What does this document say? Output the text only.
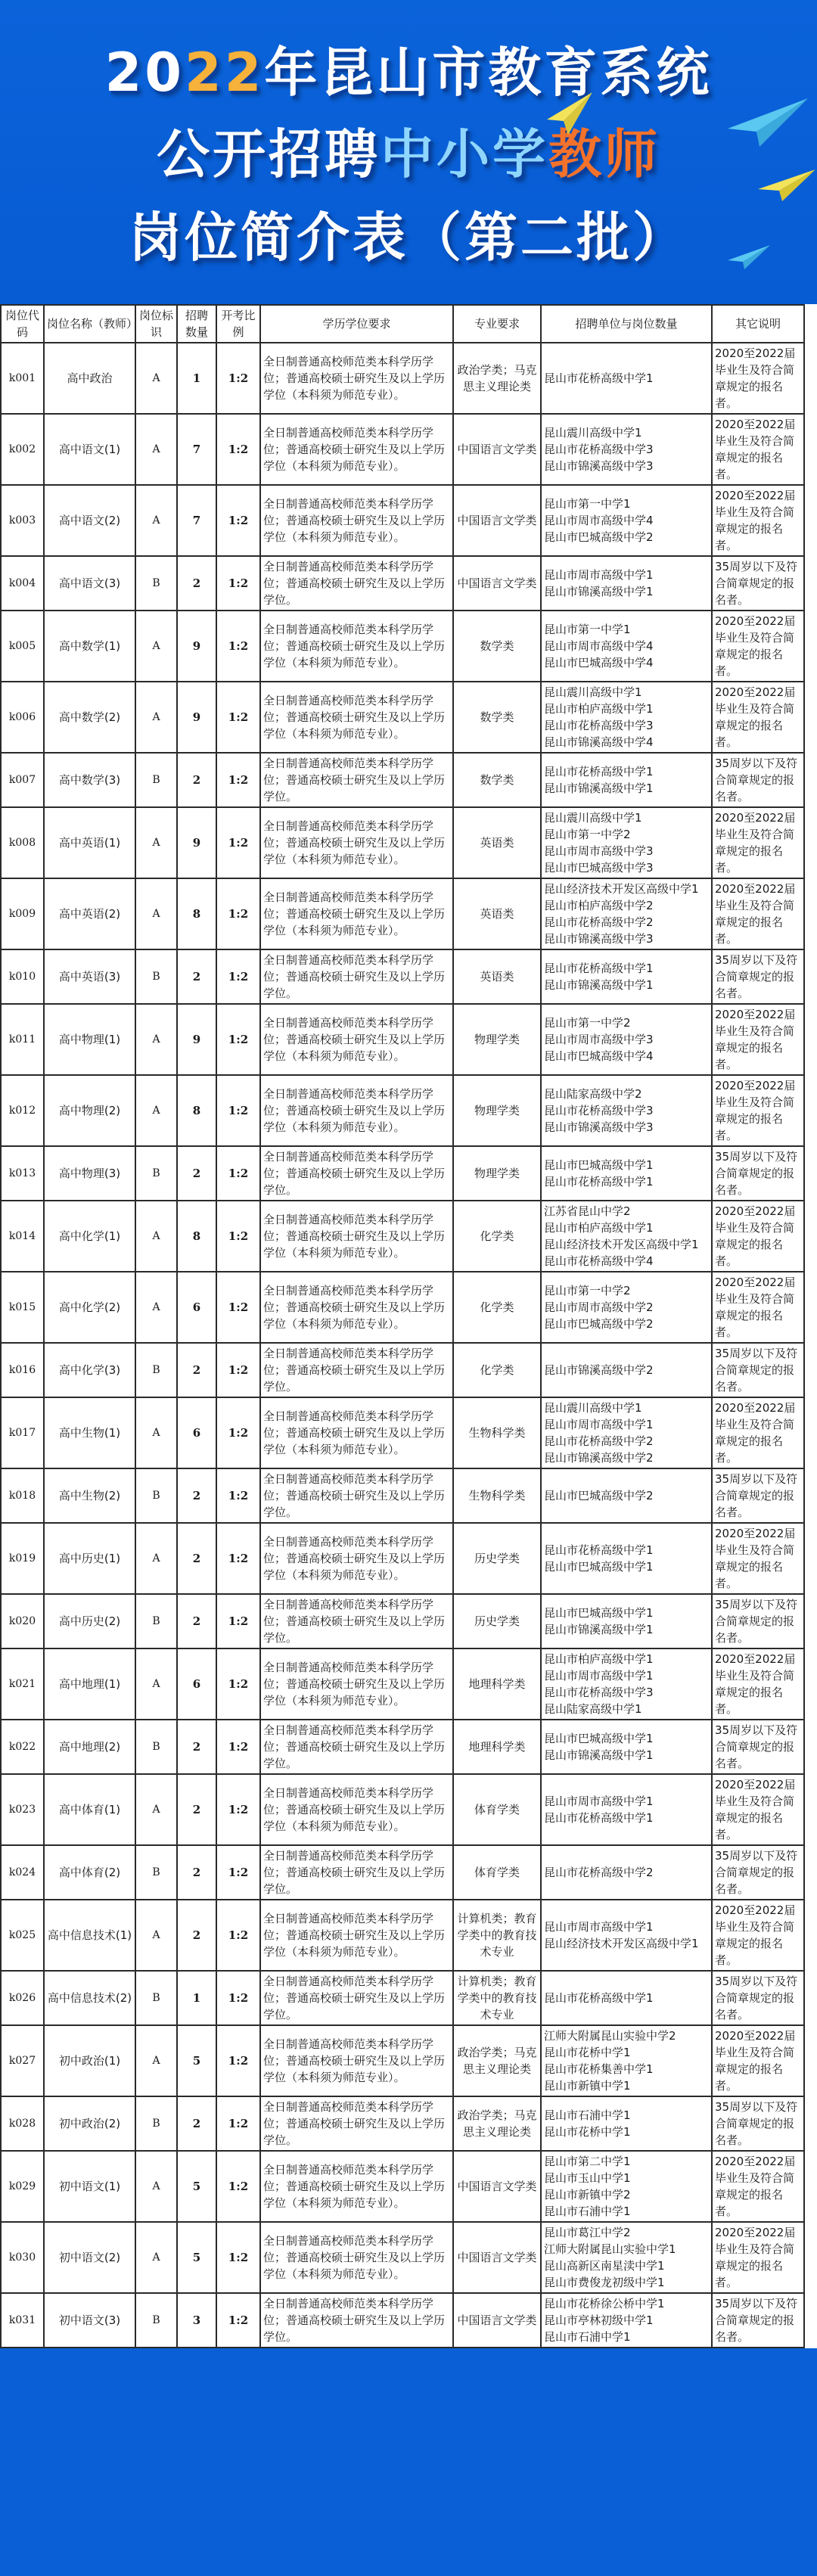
2022年昆山市教育系统
公开招聘中小学教师
岗位简介表（第二批）
岗位代码	岗位名称（教师）	岗位标识	招聘数量	开考比例	学历学位要求	专业要求	招聘单位与岗位数量	其它说明
k001	高中政治	A	1	1:2	全日制普通高校师范类本科学历学位；普通高校硕士研究生及以上学历学位（本科须为师范专业）。	政治学类；马克思主义理论类	昆山市花桥高级中学1	2020至2022届毕业生及符合简章规定的报名者。
k002	高中语文(1)	A	7	1:2	全日制普通高校师范类本科学历学位；普通高校硕士研究生及以上学历学位（本科须为师范专业）。	中国语言文学类	昆山震川高级中学1
昆山市花桥高级中学3
昆山市锦溪高级中学3	2020至2022届毕业生及符合简章规定的报名者。
k003	高中语文(2)	A	7	1:2	全日制普通高校师范类本科学历学位；普通高校硕士研究生及以上学历学位（本科须为师范专业）。	中国语言文学类	昆山市第一中学1
昆山市周市高级中学4
昆山市巴城高级中学2	2020至2022届毕业生及符合简章规定的报名者。
k004	高中语文(3)	B	2	1:2	全日制普通高校师范类本科学历学位；普通高校硕士研究生及以上学历学位。	中国语言文学类	昆山市周市高级中学1
昆山市锦溪高级中学1	35周岁以下及符合简章规定的报名者。
k005	高中数学(1)	A	9	1:2	全日制普通高校师范类本科学历学位；普通高校硕士研究生及以上学历学位（本科须为师范专业）。	数学类	昆山市第一中学1
昆山市周市高级中学4
昆山市巴城高级中学4	2020至2022届毕业生及符合简章规定的报名者。
k006	高中数学(2)	A	9	1:2	全日制普通高校师范类本科学历学位；普通高校硕士研究生及以上学历学位（本科须为师范专业）。	数学类	昆山震川高级中学1
昆山市柏庐高级中学1
昆山市花桥高级中学3
昆山市锦溪高级中学4	2020至2022届毕业生及符合简章规定的报名者。
k007	高中数学(3)	B	2	1:2	全日制普通高校师范类本科学历学位；普通高校硕士研究生及以上学历学位。	数学类	昆山市花桥高级中学1
昆山市锦溪高级中学1	35周岁以下及符合简章规定的报名者。
k008	高中英语(1)	A	9	1:2	全日制普通高校师范类本科学历学位；普通高校硕士研究生及以上学历学位（本科须为师范专业）。	英语类	昆山震川高级中学1
昆山市第一中学2
昆山市周市高级中学3
昆山市巴城高级中学3	2020至2022届毕业生及符合简章规定的报名者。
k009	高中英语(2)	A	8	1:2	全日制普通高校师范类本科学历学位；普通高校硕士研究生及以上学历学位（本科须为师范专业）。	英语类	昆山经济技术开发区高级中学1
昆山市柏庐高级中学2
昆山市花桥高级中学2
昆山市锦溪高级中学3	2020至2022届毕业生及符合简章规定的报名者。
k010	高中英语(3)	B	2	1:2	全日制普通高校师范类本科学历学位；普通高校硕士研究生及以上学历学位。	英语类	昆山市花桥高级中学1
昆山市锦溪高级中学1	35周岁以下及符合简章规定的报名者。
k011	高中物理(1)	A	9	1:2	全日制普通高校师范类本科学历学位；普通高校硕士研究生及以上学历学位（本科须为师范专业）。	物理学类	昆山市第一中学2
昆山市周市高级中学3
昆山市巴城高级中学4	2020至2022届毕业生及符合简章规定的报名者。
k012	高中物理(2)	A	8	1:2	全日制普通高校师范类本科学历学位；普通高校硕士研究生及以上学历学位（本科须为师范专业）。	物理学类	昆山陆家高级中学2
昆山市花桥高级中学3
昆山市锦溪高级中学3	2020至2022届毕业生及符合简章规定的报名者。
k013	高中物理(3)	B	2	1:2	全日制普通高校师范类本科学历学位；普通高校硕士研究生及以上学历学位。	物理学类	昆山市巴城高级中学1
昆山市花桥高级中学1	35周岁以下及符合简章规定的报名者。
k014	高中化学(1)	A	8	1:2	全日制普通高校师范类本科学历学位；普通高校硕士研究生及以上学历学位（本科须为师范专业）。	化学类	江苏省昆山中学2
昆山市柏庐高级中学1
昆山经济技术开发区高级中学1
昆山市花桥高级中学4	2020至2022届毕业生及符合简章规定的报名者。
k015	高中化学(2)	A	6	1:2	全日制普通高校师范类本科学历学位；普通高校硕士研究生及以上学历学位（本科须为师范专业）。	化学类	昆山市第一中学2
昆山市周市高级中学2
昆山市巴城高级中学2	2020至2022届毕业生及符合简章规定的报名者。
k016	高中化学(3)	B	2	1:2	全日制普通高校师范类本科学历学位；普通高校硕士研究生及以上学历学位。	化学类	昆山市锦溪高级中学2	35周岁以下及符合简章规定的报名者。
k017	高中生物(1)	A	6	1:2	全日制普通高校师范类本科学历学位；普通高校硕士研究生及以上学历学位（本科须为师范专业）。	生物科学类	昆山震川高级中学1
昆山市周市高级中学1
昆山市花桥高级中学2
昆山市锦溪高级中学2	2020至2022届毕业生及符合简章规定的报名者。
k018	高中生物(2)	B	2	1:2	全日制普通高校师范类本科学历学位；普通高校硕士研究生及以上学历学位。	生物科学类	昆山市巴城高级中学2	35周岁以下及符合简章规定的报名者。
k019	高中历史(1)	A	2	1:2	全日制普通高校师范类本科学历学位；普通高校硕士研究生及以上学历学位（本科须为师范专业）。	历史学类	昆山市花桥高级中学1
昆山市巴城高级中学1	2020至2022届毕业生及符合简章规定的报名者。
k020	高中历史(2)	B	2	1:2	全日制普通高校师范类本科学历学位；普通高校硕士研究生及以上学历学位。	历史学类	昆山市巴城高级中学1
昆山市锦溪高级中学1	35周岁以下及符合简章规定的报名者。
k021	高中地理(1)	A	6	1:2	全日制普通高校师范类本科学历学位；普通高校硕士研究生及以上学历学位（本科须为师范专业）。	地理科学类	昆山市柏庐高级中学1
昆山市周市高级中学1
昆山市花桥高级中学3
昆山陆家高级中学1	2020至2022届毕业生及符合简章规定的报名者。
k022	高中地理(2)	B	2	1:2	全日制普通高校师范类本科学历学位；普通高校硕士研究生及以上学历学位。	地理科学类	昆山市巴城高级中学1
昆山市锦溪高级中学1	35周岁以下及符合简章规定的报名者。
k023	高中体育(1)	A	2	1:2	全日制普通高校师范类本科学历学位；普通高校硕士研究生及以上学历学位（本科须为师范专业）。	体育学类	昆山市周市高级中学1
昆山市花桥高级中学1	2020至2022届毕业生及符合简章规定的报名者。
k024	高中体育(2)	B	2	1:2	全日制普通高校师范类本科学历学位；普通高校硕士研究生及以上学历学位。	体育学类	昆山市花桥高级中学2	35周岁以下及符合简章规定的报名者。
k025	高中信息技术(1)	A	2	1:2	全日制普通高校师范类本科学历学位；普通高校硕士研究生及以上学历学位（本科须为师范专业）。	计算机类；教育学类中的教育技术专业	昆山市周市高级中学1
昆山经济技术开发区高级中学1	2020至2022届毕业生及符合简章规定的报名者。
k026	高中信息技术(2)	B	1	1:2	全日制普通高校师范类本科学历学位；普通高校硕士研究生及以上学历学位。	计算机类；教育学类中的教育技术专业	昆山市花桥高级中学1	35周岁以下及符合简章规定的报名者。
k027	初中政治(1)	A	5	1:2	全日制普通高校师范类本科学历学位；普通高校硕士研究生及以上学历学位（本科须为师范专业）。	政治学类；马克思主义理论类	江师大附属昆山实验中学2
昆山市花桥中学1
昆山市花桥集善中学1
昆山市新镇中学1	2020至2022届毕业生及符合简章规定的报名者。
k028	初中政治(2)	B	2	1:2	全日制普通高校师范类本科学历学位；普通高校硕士研究生及以上学历学位。	政治学类；马克思主义理论类	昆山市石浦中学1
昆山市花桥中学1	35周岁以下及符合简章规定的报名者。
k029	初中语文(1)	A	5	1:2	全日制普通高校师范类本科学历学位；普通高校硕士研究生及以上学历学位（本科须为师范专业）。	中国语言文学类	昆山市第二中学1
昆山市玉山中学1
昆山市新镇中学2
昆山市石浦中学1	2020至2022届毕业生及符合简章规定的报名者。
k030	初中语文(2)	A	5	1:2	全日制普通高校师范类本科学历学位；普通高校硕士研究生及以上学历学位（本科须为师范专业）。	中国语言文学类	昆山市葛江中学2
江师大附属昆山实验中学1
昆山高新区南星渎中学1
昆山市费俊龙初级中学1	2020至2022届毕业生及符合简章规定的报名者。
k031	初中语文(3)	B	3	1:2	全日制普通高校师范类本科学历学位；普通高校硕士研究生及以上学历学位。	中国语言文学类	昆山市花桥徐公桥中学1
昆山市亭林初级中学1
昆山市石浦中学1	35周岁以下及符合简章规定的报名者。
